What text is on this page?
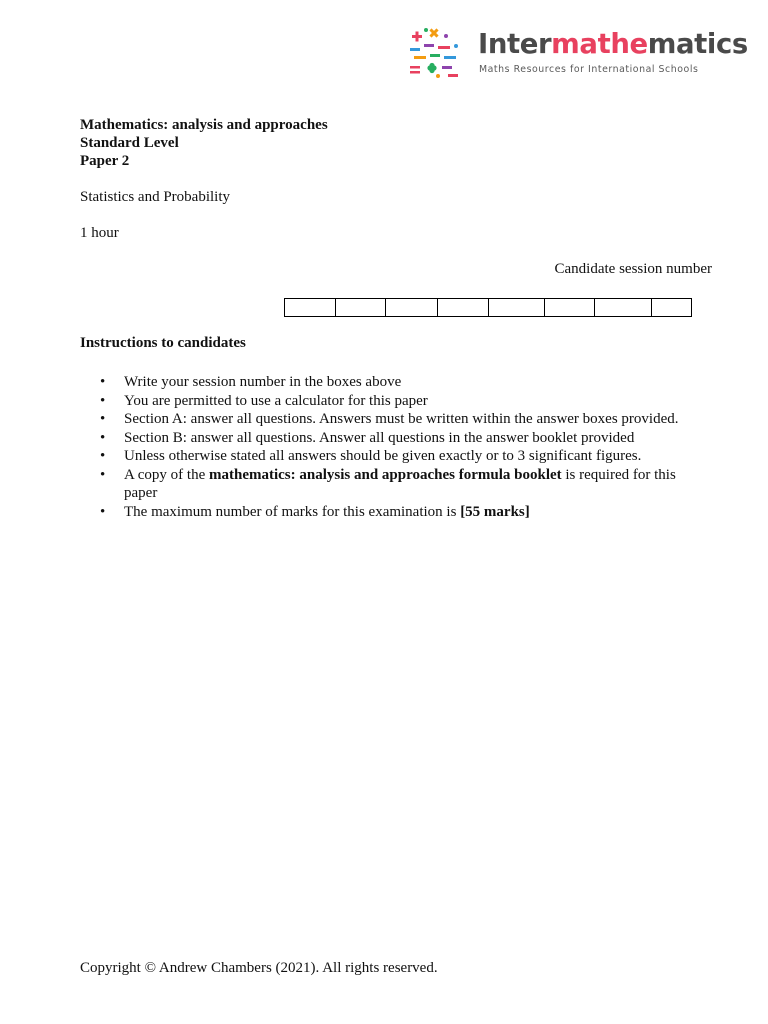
Intermathematics
Maths Resources for International Schools
Mathematics: analysis and approaches
Standard Level
Paper 2
Statistics and Probability
1 hour
Candidate session number
Instructions to candidates
• Write your session number in the boxes above
• You are permitted to use a calculator for this paper
• Section A: answer all questions. Answers must be written within the answer boxes provided.
• Section B: answer all questions. Answer all questions in the answer booklet provided
• Unless otherwise stated all answers should be given exactly or to 3 significant figures.
• A copy of the mathematics: analysis and approaches formula booklet is required for this paper
• The maximum number of marks for this examination is [55 marks]
Copyright © Andrew Chambers (2021). All rights reserved.
